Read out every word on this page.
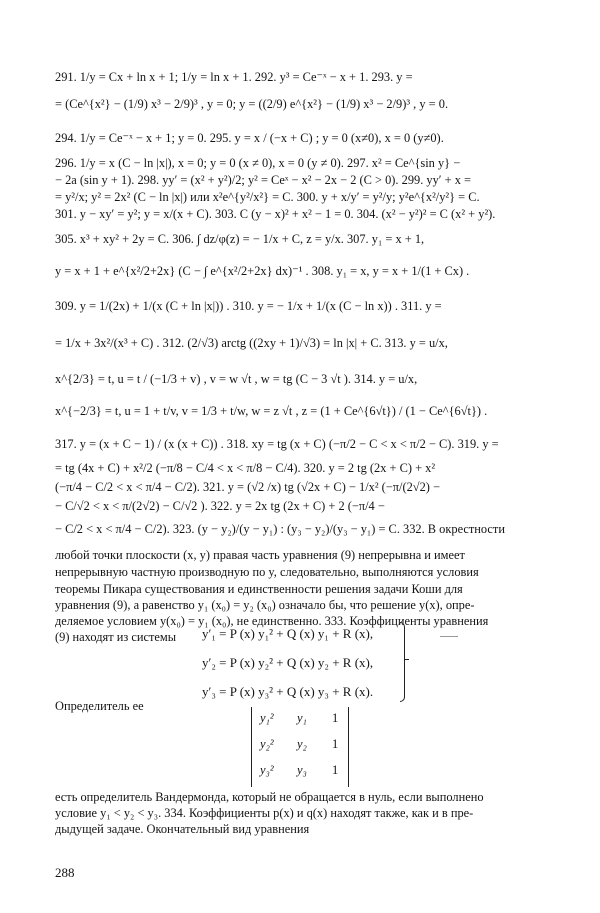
291. 1/y = Cx + ln x + 1; 1/y = ln x + 1. 292. y³ = Ce⁻ˣ − x + 1. 293. y =
= (Ce^{x²} − (1/9) x³ − 2/9)³ , y = 0; y = ((2/9) e^{x²} − (1/9) x³ − 2/9)³ , y = 0.
294. 1/y = Ce⁻ˣ − x + 1; y = 0. 295. y = x / (−x + C) ; y = 0 (x≠0), x = 0 (y≠0).
296. 1/y = x (C − ln |x|), x = 0; y = 0 (x ≠ 0), x = 0 (y ≠ 0). 297. x² = Ce^{sin y} −
− 2a (sin y + 1). 298. yy′ = (x² + y²)/2; y² = Ceˣ − x² − 2x − 2 (C > 0). 299. yy′ + x =
= y²/x; y² = 2x² (C − ln |x|) или x²e^{y²/x²} = C. 300. y + x/y′ = y²/y; y²e^{x²/y²} = C.
301. y − xy′ = y²; y = x/(x + C). 303. C (y − x)² + x² − 1 = 0. 304. (x² − y²)² = C (x² + y²).
305. x³ + xy² + 2y = C. 306. ∫ dz/φ(z) = − 1/x + C, z = y/x. 307. y₁ = x + 1,
y = x + 1 + e^{x²/2+2x} (C − ∫ e^{x²/2+2x} dx)⁻¹ . 308. y₁ = x, y = x + 1/(1 + Cx) .
309. y = 1/(2x) + 1/(x (C + ln |x|)) . 310. y = − 1/x + 1/(x (C − ln x)) . 311. y =
= 1/x + 3x²/(x³ + C) . 312. (2/√3) arctg ((2xy + 1)/√3) = ln |x| + C. 313. y = u/x,
x^{2/3} = t, u = t / (−1/3 + v) , v = w √t , w = tg (C − 3 √t ). 314. y = u/x,
x^{−2/3} = t, u = 1 + t/v, v = 1/3 + t/w, w = z √t , z = (1 + Ce^{6√t}) / (1 − Ce^{6√t}) .
317. y = (x + C − 1) / (x (x + C)) . 318. xy = tg (x + C) (−π/2 − C < x < π/2 − C). 319. y =
= tg (4x + C) + x²/2 (−π/8 − C/4 < x < π/8 − C/4). 320. y = 2 tg (2x + C) + x²
(−π/4 − C/2 < x < π/4 − C/2). 321. y = (√2 /x) tg (√2x + C) − 1/x² (−π/(2√2) −
− C/√2 < x < π/(2√2) − C/√2 ). 322. y = 2x tg (2x + C) + 2 (−π/4 −
− C/2 < x < π/4 − C/2). 323. (y − y₂)/(y − y₁) : (y₃ − y₂)/(y₃ − y₁) = C. 332. В окрестности
любой точки плоскости (x, y) правая часть уравнения (9) непрерывна и имеет
непрерывную частную производную по y, следовательно, выполняются условия
теоремы Пикара существования и единственности решения задачи Коши для
уравнения (9), а равенство y₁ (x₀) = y₂ (x₀) означало бы, что решение y(x), опре-
деляемое условием y(x₀) = y₁ (x₀), не единственно. 333. Коэффициенты уравнения
(9) находят из системы	y′₁ = P (x) y₁² + Q (x) y₁ + R (x),
y′₂ = P (x) y₂² + Q (x) y₂ + R (x),
y′₃ = P (x) y₃² + Q (x) y₃ + R (x).
Определитель ее
y₁² y₁ 1
y₂² y₂ 1
y₃² y₃ 1
есть определитель Вандермонда, который не обращается в нуль, если выполнено
условие y₁ < y₂ < y₃. 334. Коэффициенты p(x) и q(x) находят также, как и в пре-
дыдущей задаче. Окончательный вид уравнения
288
